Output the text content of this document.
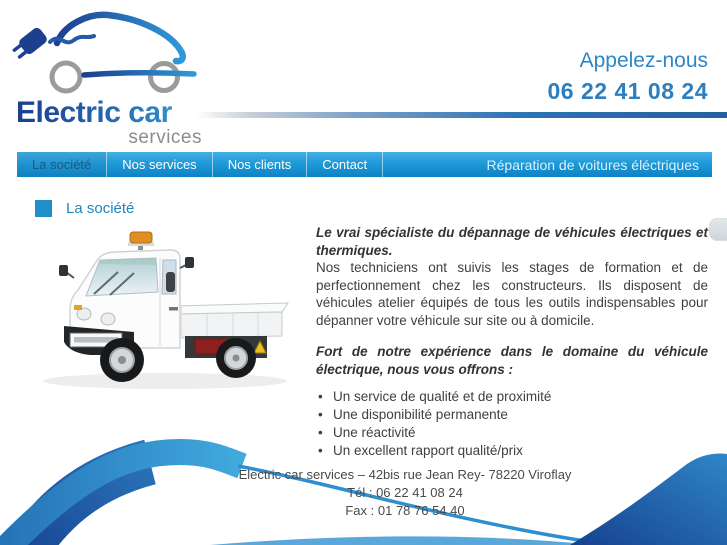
Electric car
services
Appelez-nous
06 22 41 08 24
La société	Nos services	Nos clients	Contact	Réparation de voitures éléctriques
La société

Le vrai spécialiste du dépannage de véhicules électriques et thermiques.

Nos techniciens ont suivis les stages de formation et de perfectionnement chez les constructeurs. Ils disposent de véhicules atelier équipés de tous les outils indispensables pour dépanner votre véhicule sur site ou à domicile.

Fort de notre expérience dans le domaine du véhicule électrique, nous vous offrons :

• Un service de qualité et de proximité
• Une disponibilité permanente
• Une réactivité
• Un excellent rapport qualité/prix
Electric car services – 42bis rue Jean Rey- 78220 Viroflay
Tél : 06 22 41 08 24
Fax : 01 78 76 54 40
